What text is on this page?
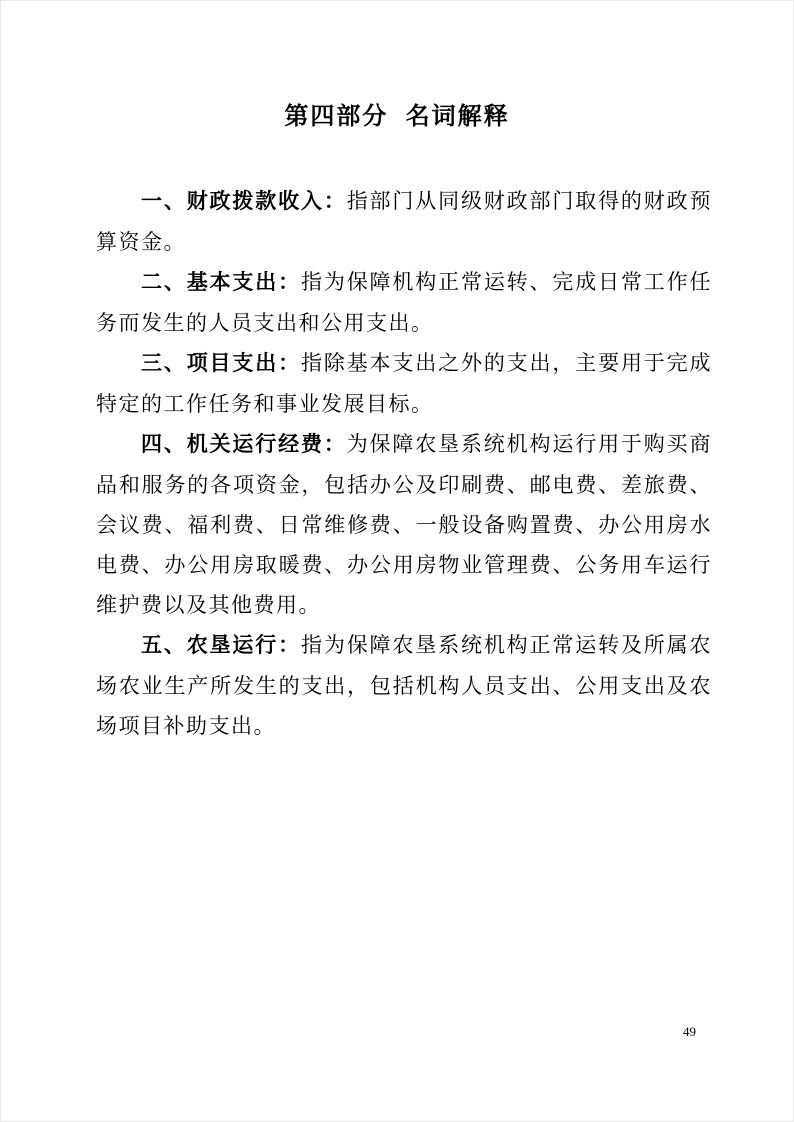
第四部分  名词解释

一、财政拨款收入：指部门从同级财政部门取得的财政预算资金。

二、基本支出：指为保障机构正常运转、完成日常工作任务而发生的人员支出和公用支出。

三、项目支出：指除基本支出之外的支出，主要用于完成特定的工作任务和事业发展目标。

四、机关运行经费：为保障农垦系统机构运行用于购买商品和服务的各项资金，包括办公及印刷费、邮电费、差旅费、会议费、福利费、日常维修费、一般设备购置费、办公用房水电费、办公用房取暖费、办公用房物业管理费、公务用车运行维护费以及其他费用。

五、农垦运行：指为保障农垦系统机构正常运转及所属农场农业生产所发生的支出，包括机构人员支出、公用支出及农场项目补助支出。

49
